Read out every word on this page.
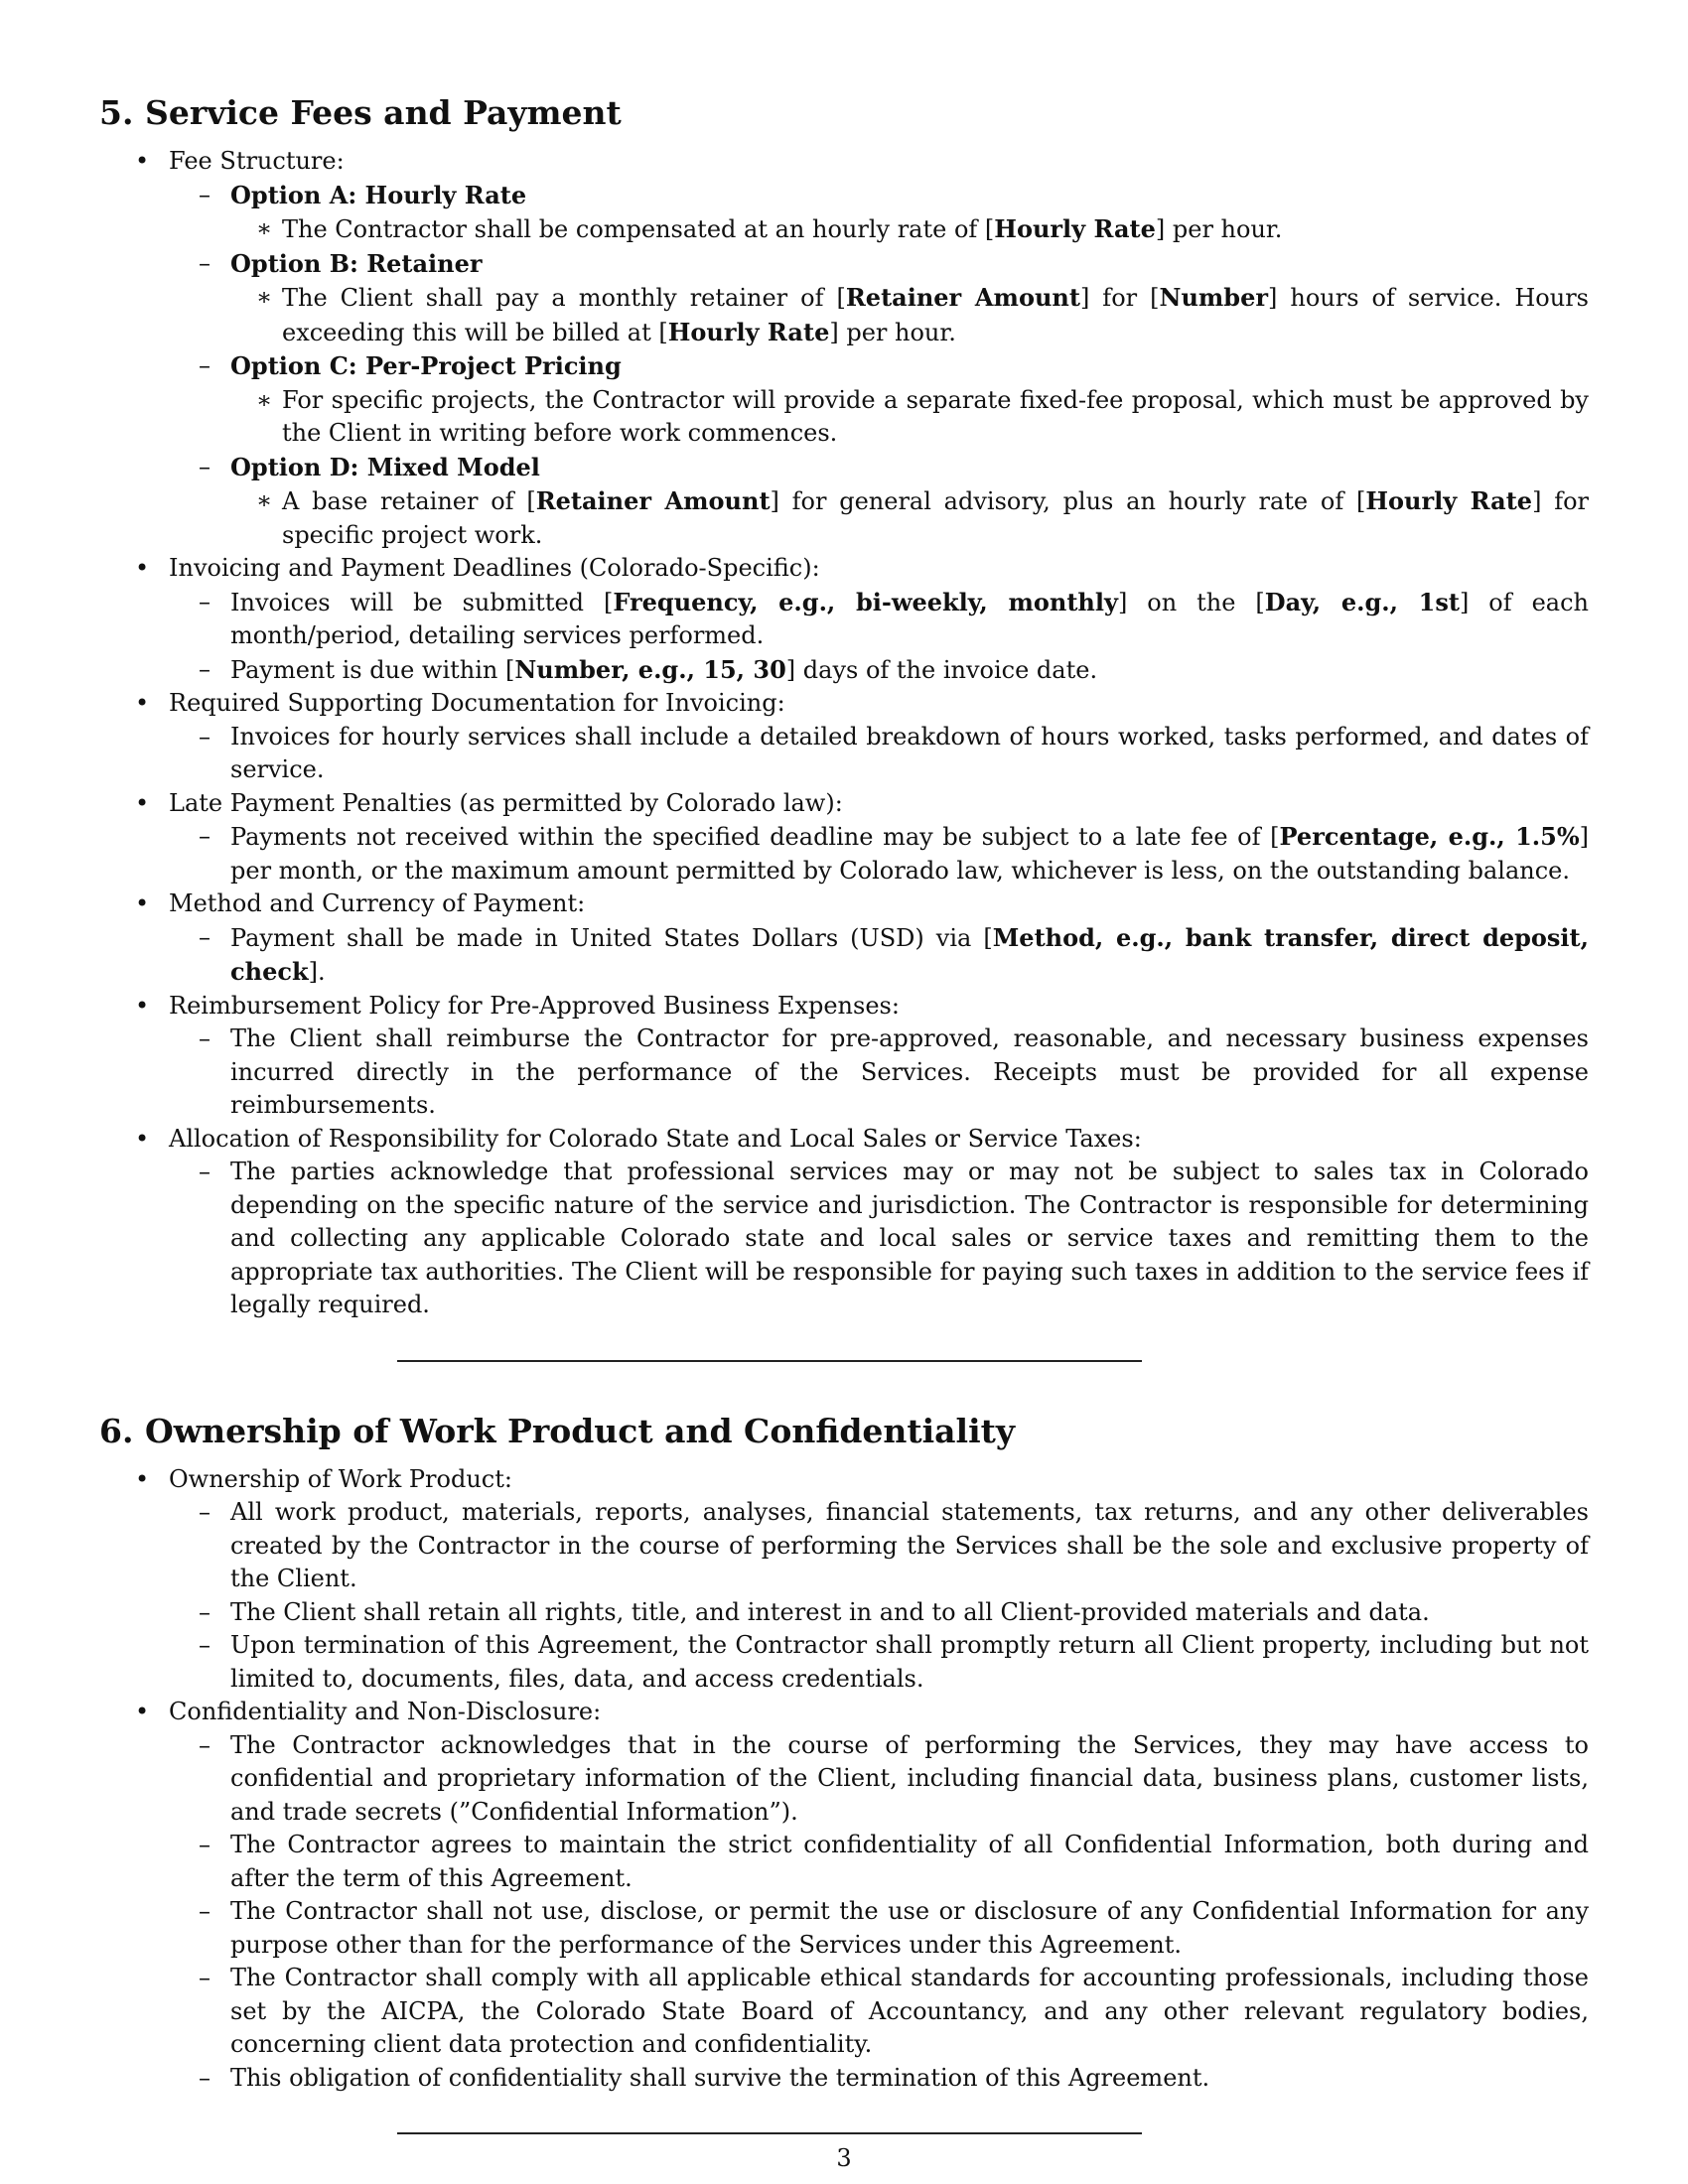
5. Service Fees and Payment
• Fee Structure:
– Option A: Hourly Rate
∗ The Contractor shall be compensated at an hourly rate of [Hourly Rate] per hour.
– Option B: Retainer
∗ The Client shall pay a monthly retainer of [Retainer Amount] for [Number] hours of service. Hours exceeding this will be billed at [Hourly Rate] per hour.
– Option C: Per-Project Pricing
∗ For specific projects, the Contractor will provide a separate fixed-fee proposal, which must be approved by the Client in writing before work commences.
– Option D: Mixed Model
∗ A base retainer of [Retainer Amount] for general advisory, plus an hourly rate of [Hourly Rate] for specific project work.
• Invoicing and Payment Deadlines (Colorado-Specific):
– Invoices will be submitted [Frequency, e.g., bi-weekly, monthly] on the [Day, e.g., 1st] of each month/period, detailing services performed.
– Payment is due within [Number, e.g., 15, 30] days of the invoice date.
• Required Supporting Documentation for Invoicing:
– Invoices for hourly services shall include a detailed breakdown of hours worked, tasks performed, and dates of service.
• Late Payment Penalties (as permitted by Colorado law):
– Payments not received within the specified deadline may be subject to a late fee of [Percentage, e.g., 1.5%] per month, or the maximum amount permitted by Colorado law, whichever is less, on the outstanding balance.
• Method and Currency of Payment:
– Payment shall be made in United States Dollars (USD) via [Method, e.g., bank transfer, direct deposit, check].
• Reimbursement Policy for Pre-Approved Business Expenses:
– The Client shall reimburse the Contractor for pre-approved, reasonable, and necessary business expenses incurred directly in the performance of the Services. Receipts must be provided for all expense reimbursements.
• Allocation of Responsibility for Colorado State and Local Sales or Service Taxes:
– The parties acknowledge that professional services may or may not be subject to sales tax in Colorado depending on the specific nature of the service and jurisdiction. The Contractor is responsible for determining and collecting any applicable Colorado state and local sales or service taxes and remitting them to the appropriate tax authorities. The Client will be responsible for paying such taxes in addition to the service fees if legally required.
6. Ownership of Work Product and Confidentiality
• Ownership of Work Product:
– All work product, materials, reports, analyses, financial statements, tax returns, and any other deliverables created by the Contractor in the course of performing the Services shall be the sole and exclusive property of the Client.
– The Client shall retain all rights, title, and interest in and to all Client-provided materials and data.
– Upon termination of this Agreement, the Contractor shall promptly return all Client property, including but not limited to, documents, files, data, and access credentials.
• Confidentiality and Non-Disclosure:
– The Contractor acknowledges that in the course of performing the Services, they may have access to confidential and proprietary information of the Client, including financial data, business plans, customer lists, and trade secrets (”Confidential Information”).
– The Contractor agrees to maintain the strict confidentiality of all Confidential Information, both during and after the term of this Agreement.
– The Contractor shall not use, disclose, or permit the use or disclosure of any Confidential Information for any purpose other than for the performance of the Services under this Agreement.
– The Contractor shall comply with all applicable ethical standards for accounting professionals, including those set by the AICPA, the Colorado State Board of Accountancy, and any other relevant regulatory bodies, concerning client data protection and confidentiality.
– This obligation of confidentiality shall survive the termination of this Agreement.
3
